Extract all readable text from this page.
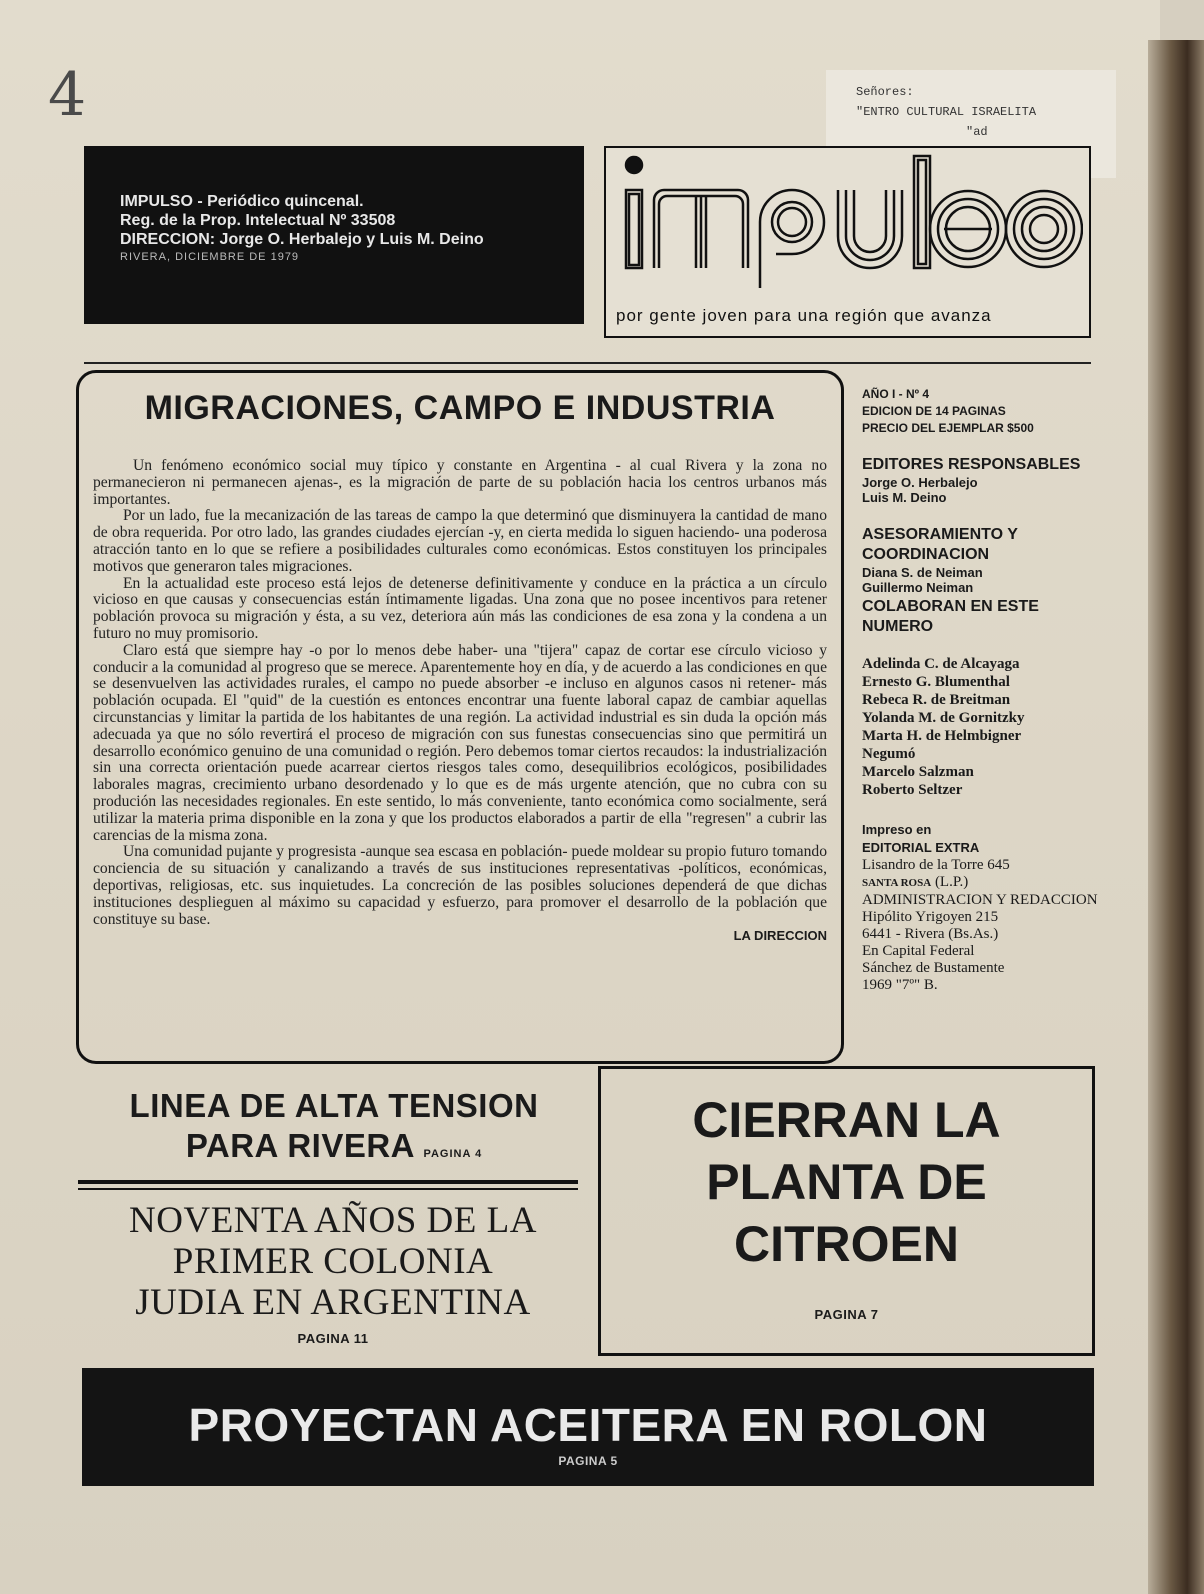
4	Señores:
"ENTRO CULTURAL ISRAELITA
"ad
IMPULSO - Periódico quincenal.
Reg. de la Prop. Intelectual Nº 33508
DIRECCION: Jorge O. Herbalejo y Luis M. Deino
RIVERA, DICIEMBRE DE 1979
por gente joven para una región que avanza
MIGRACIONES, CAMPO E INDUSTRIA

Un fenómeno económico social muy típico y constante en Argentina - al cual Rivera y la zona no permanecieron ni permanecen ajenas-, es la migración de parte de su población hacia los centros urbanos más importantes.

Por un lado, fue la mecanización de las tareas de campo la que determinó que disminuyera la cantidad de mano de obra requerida. Por otro lado, las grandes ciudades ejercían -y, en cierta medida lo siguen haciendo- una poderosa atracción tanto en lo que se refiere a posibilidades culturales como económicas. Estos constituyen los principales motivos que generaron tales migraciones.

En la actualidad este proceso está lejos de detenerse definitivamente y conduce en la práctica a un círculo vicioso en que causas y consecuencias están íntimamente ligadas. Una zona que no posee incentivos para retener población provoca su migración y ésta, a su vez, deteriora aún más las condiciones de esa zona y la condena a un futuro no muy promisorio.

Claro está que siempre hay -o por lo menos debe haber- una "tijera" capaz de cortar ese círculo vicioso y conducir a la comunidad al progreso que se merece. Aparentemente hoy en día, y de acuerdo a las condiciones en que se desenvuelven las actividades rurales, el campo no puede absorber -e incluso en algunos casos ni retener- más población ocupada. El "quid" de la cuestión es entonces encontrar una fuente laboral capaz de cambiar aquellas circunstancias y limitar la partida de los habitantes de una región. La actividad industrial es sin duda la opción más adecuada ya que no sólo revertirá el proceso de migración con sus funestas consecuencias sino que permitirá un desarrollo económico genuino de una comunidad o región. Pero debemos tomar ciertos recaudos: la industrialización sin una correcta orientación puede acarrear ciertos riesgos tales como, desequilibrios ecológicos, posibilidades laborales magras, crecimiento urbano desordenado y lo que es de más urgente atención, que no cubra con su produción las necesidades regionales. En este sentido, lo más conveniente, tanto económica como socialmente, será utilizar la materia prima disponible en la zona y que los productos elaborados a partir de ella "regresen" a cubrir las carencias de la misma zona.

Una comunidad pujante y progresista -aunque sea escasa en población- puede moldear su propio futuro tomando conciencia de su situación y canalizando a través de sus instituciones representativas -políticos, económicas, deportivas, religiosas, etc. sus inquietudes. La concreción de las posibles soluciones dependerá de que dichas instituciones desplieguen al máximo su capacidad y esfuerzo, para promover el desarrollo de la población que constituye su base.

LA DIRECCION
AÑO I - Nº 4
EDICION DE 14 PAGINAS
PRECIO DEL EJEMPLAR $500
EDITORES RESPONSABLES
Jorge O. Herbalejo
Luis M. Deino
ASESORAMIENTO Y COORDINACION
Diana S. de Neiman
Guillermo Neiman
COLABORAN EN ESTE NUMERO
Adelinda C. de Alcayaga
Ernesto G. Blumenthal
Rebeca R. de Breitman
Yolanda M. de Gornitzky
Marta H. de Helmbigner
Negumó
Marcelo Salzman
Roberto Seltzer
Impreso en
EDITORIAL EXTRA
Lisandro de la Torre 645
SANTA ROSA (L.P.)
ADMINISTRACION Y REDACCION
Hipólito Yrigoyen 215
6441 - Rivera (Bs.As.)
En Capital Federal
Sánchez de Bustamente
1969 "7º" B.
LINEA DE ALTA TENSION
PARA RIVERA PAGINA 4
NOVENTA AÑOS DE LA
PRIMER COLONIA
JUDIA EN ARGENTINA
PAGINA 11
CIERRAN LA
PLANTA DE
CITROEN
PAGINA 7
PROYECTAN ACEITERA EN ROLON
PAGINA 5
